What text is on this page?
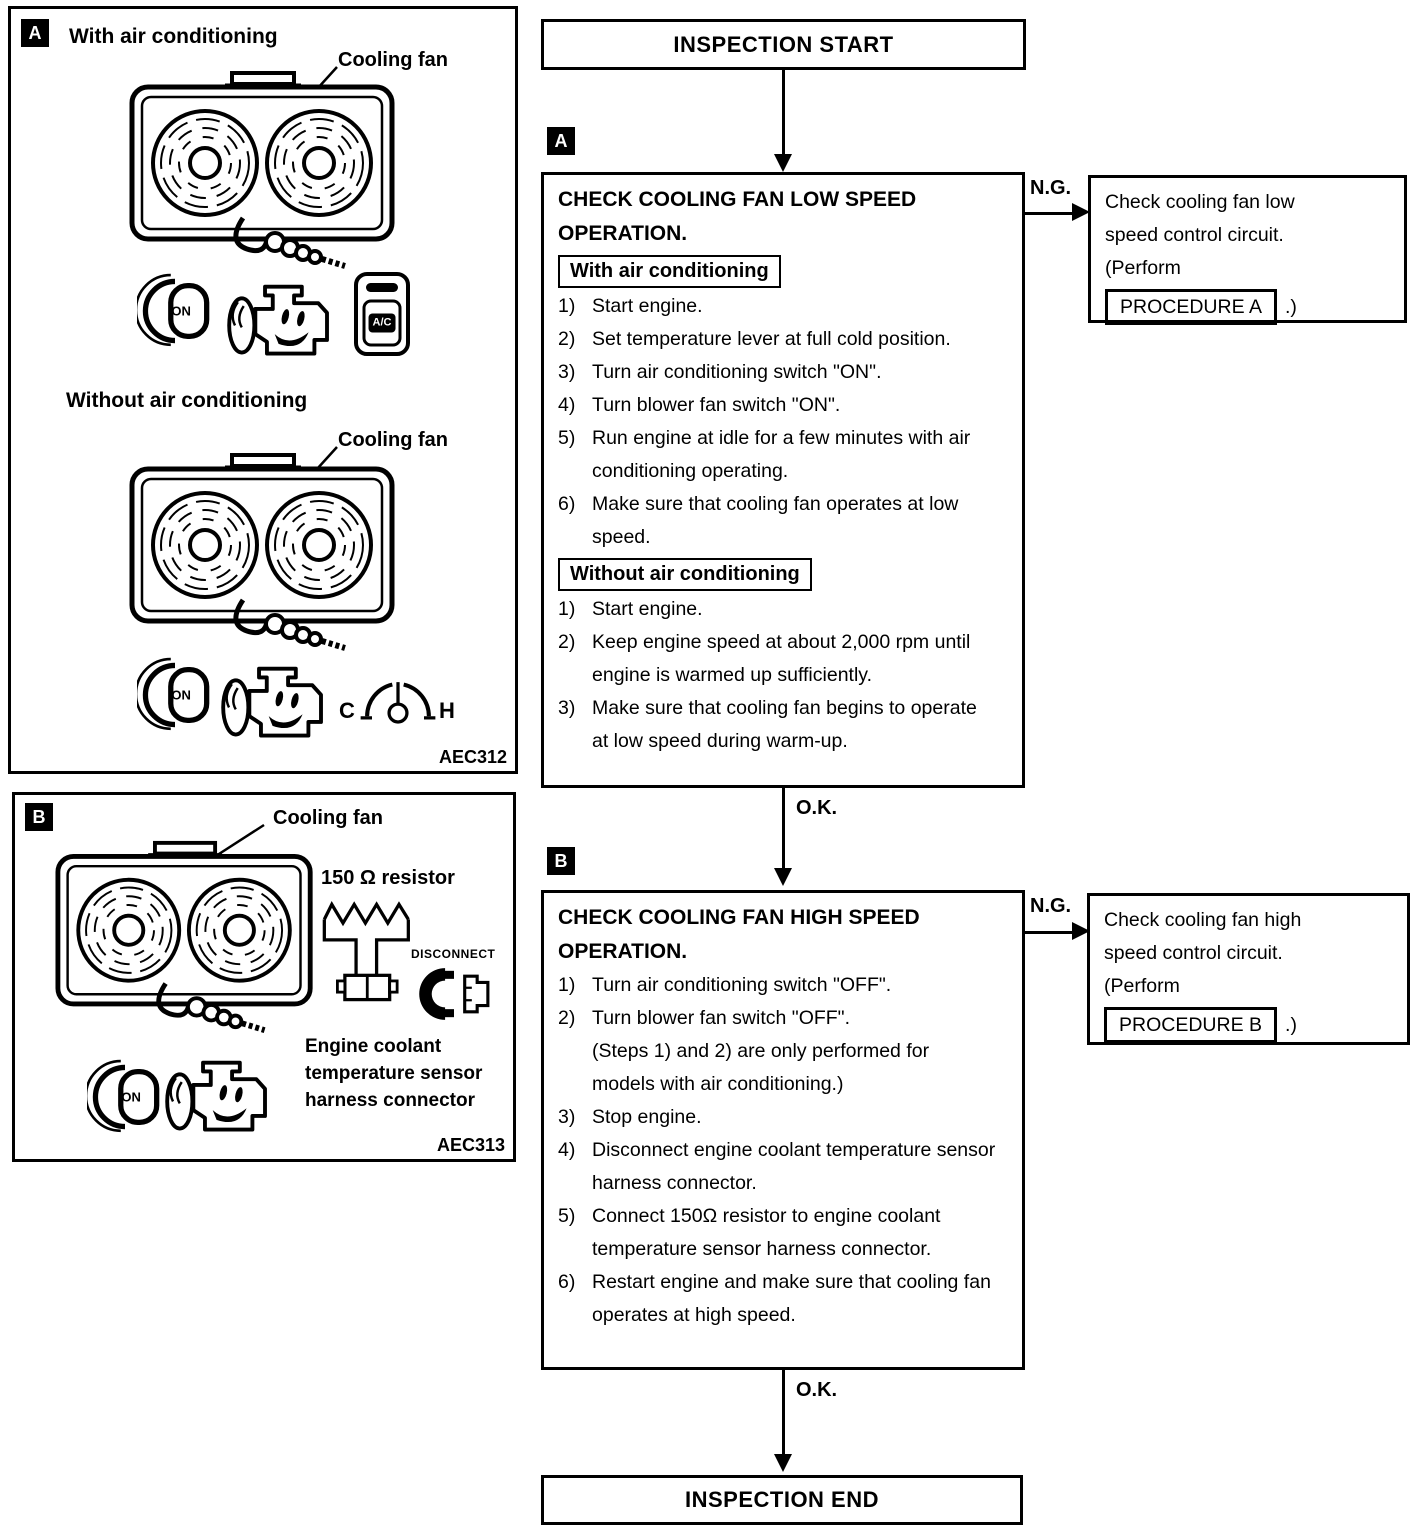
A	With air conditioning
Cooling fan
ON
A/C
Without air conditioning
Cooling fan
ON
C	H
AEC312
B	Cooling fan
150 Ω resistor
DISCONNECT
Engine coolant
temperature sensor
harness connector
ON
AEC313
INSPECTION START
A
CHECK COOLING FAN LOW SPEED OPERATION.
With air conditioning
1) Start engine.
2) Set temperature lever at full cold position.
3) Turn air conditioning switch "ON".
4) Turn blower fan switch "ON".
5) Run engine at idle for a few minutes with air conditioning operating.
6) Make sure that cooling fan operates at low speed.
Without air conditioning
1) Start engine.
2) Keep engine speed at about 2,000 rpm until engine is warmed up sufficiently.
3) Make sure that cooling fan begins to operate at low speed during warm-up.
N.G.
Check cooling fan low
speed control circuit.
(Perform
PROCEDURE A	.)
O.K.
B
CHECK COOLING FAN HIGH SPEED OPERATION.
1) Turn air conditioning switch "OFF".
2) Turn blower fan switch "OFF".
(Steps 1) and 2) are only performed for models with air conditioning.)
3) Stop engine.
4) Disconnect engine coolant temperature sensor harness connector.
5) Connect 150Ω resistor to engine coolant temperature sensor harness connector.
6) Restart engine and make sure that cooling fan operates at high speed.
N.G.
Check cooling fan high
speed control circuit.
(Perform
PROCEDURE B	.)
O.K.
INSPECTION END
